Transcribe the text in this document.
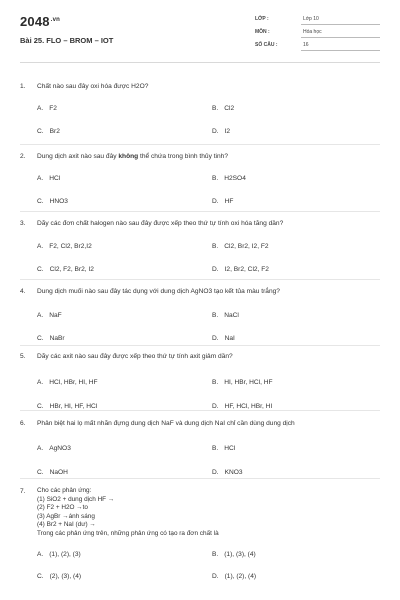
$2048^{.vn}$
Bài 25. FLO – BROM – IOT
LỚP :	Lớp 10
MÔN :	Hóa học
SỐ CÂU :	16
1. Chất nào sau đây oxi hóa được H2O?
A. F2	B. Cl2
C. Br2	D. I2
2. Dung dịch axit nào sau đây không thể chứa trong bình thủy tinh?
A. HCl	B. H2SO4
C. HNO3	D. HF
3. Dãy các đơn chất halogen nào sau đây được xếp theo thứ tự tính oxi hóa tăng dần?
A. F2, Cl2, Br2,I2	B. Cl2, Br2, I2, F2
C. Cl2, F2, Br2, I2	D. I2, Br2, Cl2, F2
4. Dung dịch muối nào sau đây tác dụng với dung dịch AgNO3 tạo kết tủa màu trắng?
A. NaF	B. NaCl
C. NaBr	D. NaI
5. Dãy các axit nào sau đây được xếp theo thứ tự tính axit giảm dần?
A. HCl, HBr, HI, HF	B. HI, HBr, HCl, HF
C. HBr, HI, HF, HCl	D. HF, HCl, HBr, HI
6. Phân biệt hai lọ mất nhãn đựng dung dịch NaF và dung dịch NaI chỉ cần dùng dung dịch
A. AgNO3	B. HCl
C. NaOH	D. KNO3
7. Cho các phản ứng:
(1) SiO2 + dung dịch HF →
(2) F2 + H2O →to
(3) AgBr →ánh sáng
(4) Br2 + NaI (dư) →
Trong các phản ứng trên, những phản ứng có tạo ra đơn chất là
A. (1), (2), (3)	B. (1), (3), (4)
C. (2), (3), (4)	D. (1), (2), (4)
